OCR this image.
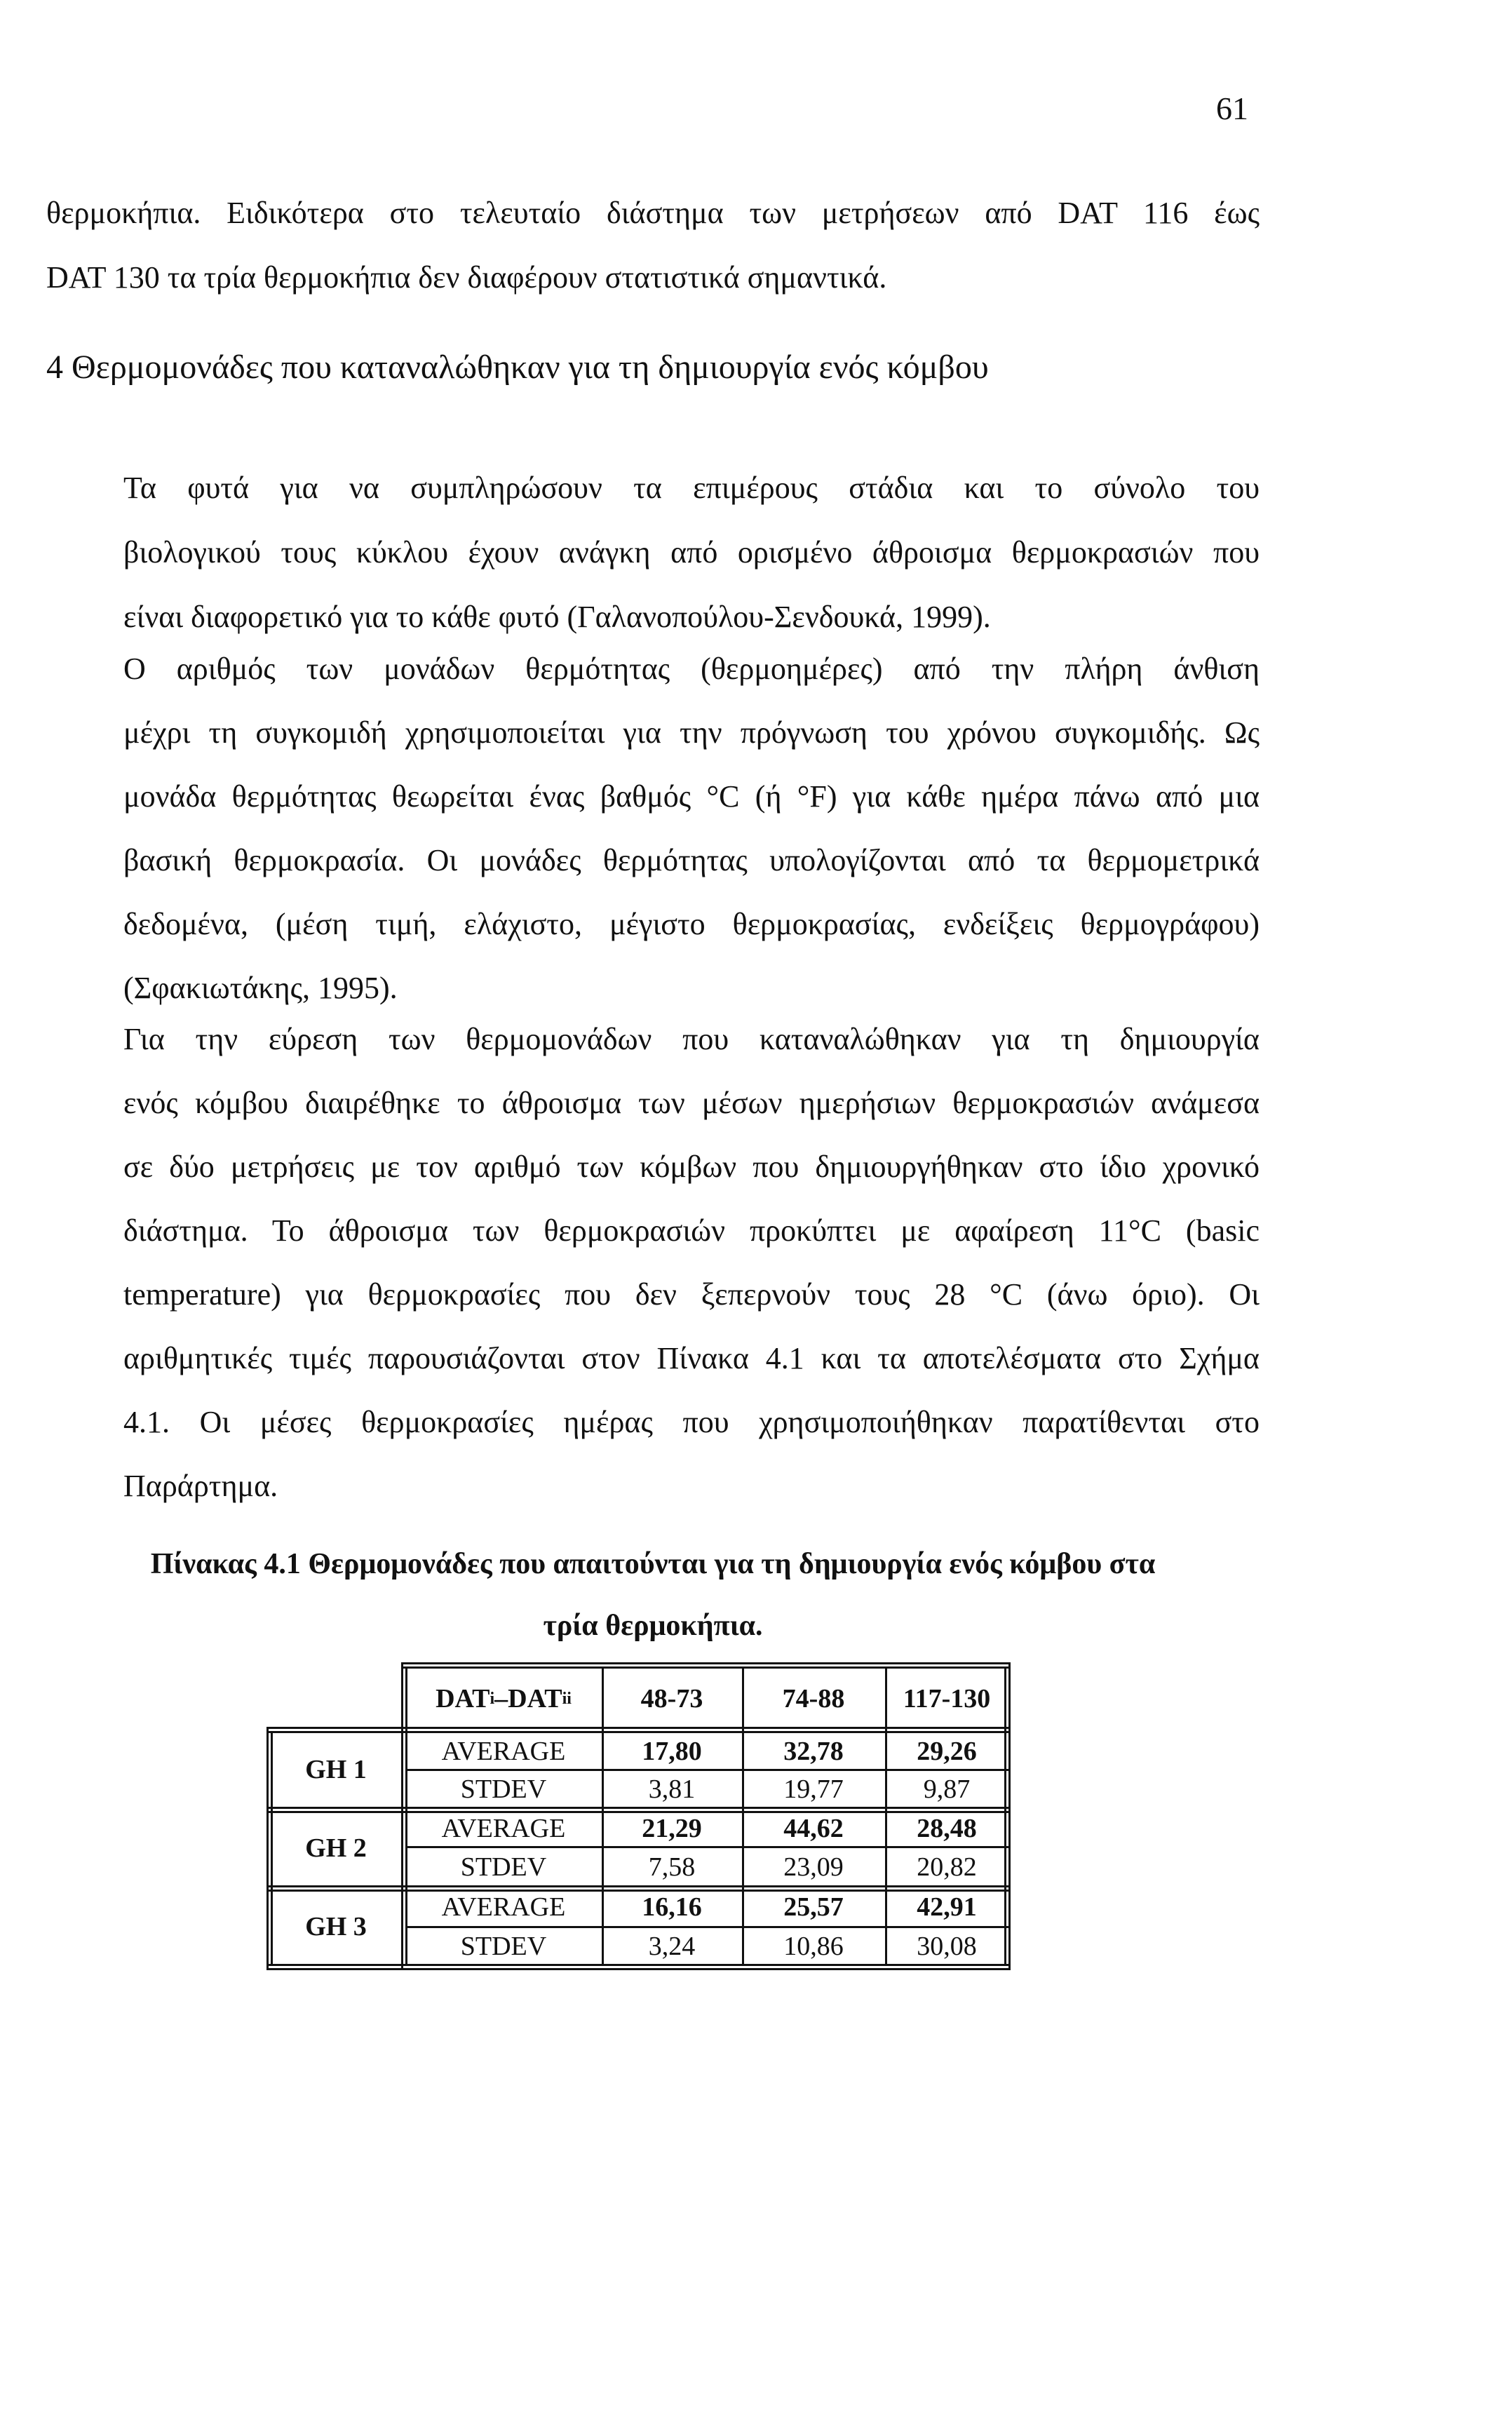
61

θερμοκήπια. Ειδικότερα στο τελευταίο διάστημα των μετρήσεων από DAT 116 έως
DAT 130 τα τρία θερμοκήπια δεν διαφέρουν στατιστικά σημαντικά.

4 Θερμομονάδες που καταναλώθηκαν για τη δημιουργία ενός κόμβου

Τα φυτά για να συμπληρώσουν τα επιμέρους στάδια και το σύνολο του
βιολογικού τους κύκλου έχουν ανάγκη από ορισμένο άθροισμα θερμοκρασιών που
είναι διαφορετικό για το κάθε φυτό (Γαλανοπούλου-Σενδουκά, 1999).

Ο αριθμός των μονάδων θερμότητας (θερμοημέρες) από την πλήρη άνθιση
μέχρι τη συγκομιδή χρησιμοποιείται για την πρόγνωση του χρόνου συγκομιδής. Ως
μονάδα θερμότητας θεωρείται ένας βαθμός °C (ή °F) για κάθε ημέρα πάνω από μια
βασική θερμοκρασία. Οι μονάδες θερμότητας υπολογίζονται από τα θερμομετρικά
δεδομένα, (μέση τιμή, ελάχιστο, μέγιστο θερμοκρασίας, ενδείξεις θερμογράφου)
(Σφακιωτάκης, 1995).

Για την εύρεση των θερμομονάδων που καταναλώθηκαν για τη δημιουργία
ενός κόμβου διαιρέθηκε το άθροισμα των μέσων ημερήσιων θερμοκρασιών ανάμεσα
σε δύο μετρήσεις με τον αριθμό των κόμβων που δημιουργήθηκαν στο ίδιο χρονικό
διάστημα. Το άθροισμα των θερμοκρασιών προκύπτει με αφαίρεση 11°C (basic
temperature) για θερμοκρασίες που δεν ξεπερνούν τους 28 °C (άνω όριο). Οι
αριθμητικές τιμές παρουσιάζονται στον Πίνακα 4.1 και τα αποτελέσματα στο Σχήμα
4.1. Οι μέσες θερμοκρασίες ημέρας που χρησιμοποιήθηκαν παρατίθενται στο
Παράρτημα.

Πίνακας 4.1 Θερμομονάδες που απαιτούνται για τη δημιουργία ενός κόμβου στα
τρία θερμοκήπια.

DAT i –DAT ii	48-73	74-88	117-130
GH 1
AVERAGE	17,80	32,78	29,26
STDEV	3,81	19,77	9,87
GH 2
AVERAGE	21,29	44,62	28,48
STDEV	7,58	23,09	20,82
GH 3
AVERAGE	16,16	25,57	42,91
STDEV	3,24	10,86	30,08
